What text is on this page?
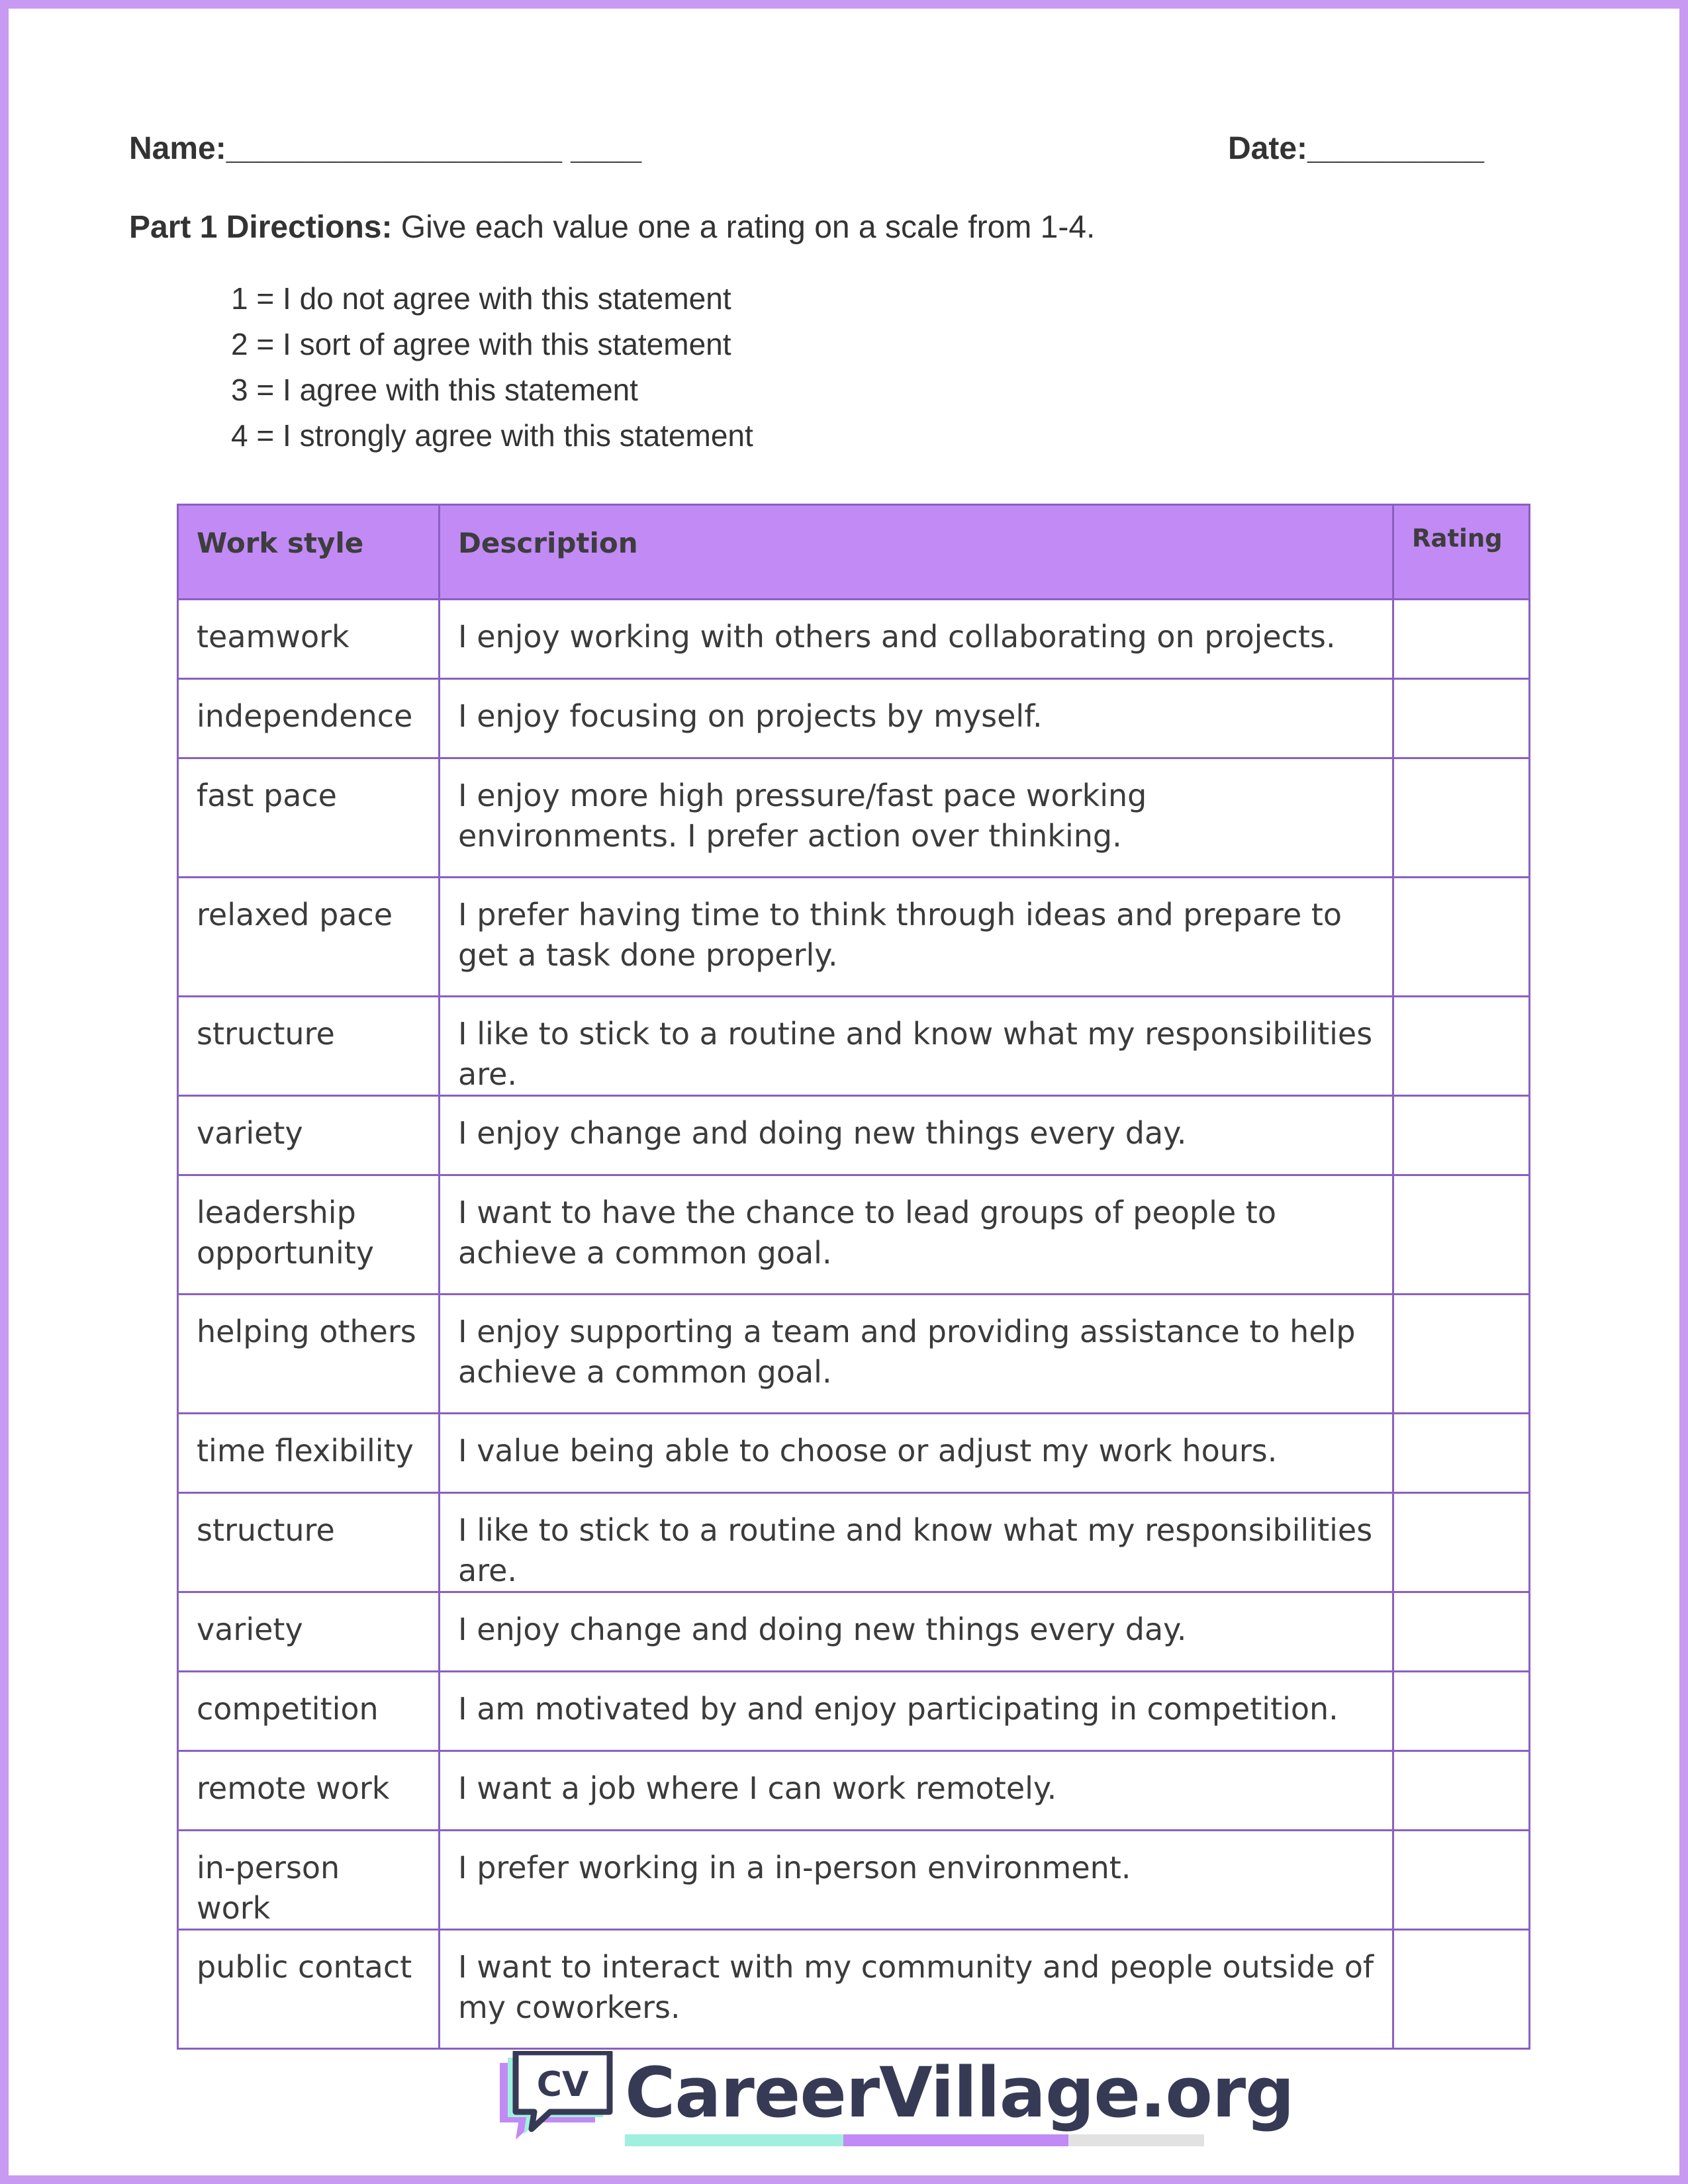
Name:___________________ ____	Date:__________
Part 1 Directions: Give each value one a rating on a scale from 1-4.
1 = I do not agree with this statement
2 = I sort of agree with this statement
3 = I agree with this statement
4 = I strongly agree with this statement
Work style	Description	Rating
teamwork	I enjoy working with others and collaborating on projects.	
independence	I enjoy focusing on projects by myself.	
fast pace	I enjoy more high pressure/fast pace working environments. I prefer action over thinking.	
relaxed pace	I prefer having time to think through ideas and prepare to get a task done properly.	
structure	I like to stick to a routine and know what my responsibilities are.	
variety	I enjoy change and doing new things every day.	
leadership opportunity	I want to have the chance to lead groups of people to achieve a common goal.	
helping others	I enjoy supporting a team and providing assistance to help achieve a common goal.	
time flexibility	I value being able to choose or adjust my work hours.	
structure	I like to stick to a routine and know what my responsibilities are.	
variety	I enjoy change and doing new things every day.	
competition	I am motivated by and enjoy participating in competition.	
remote work	I want a job where I can work remotely.	
in-person work	I prefer working in a in-person environment.	
public contact	I want to interact with my community and people outside of my coworkers.	
CV CareerVillage.org
